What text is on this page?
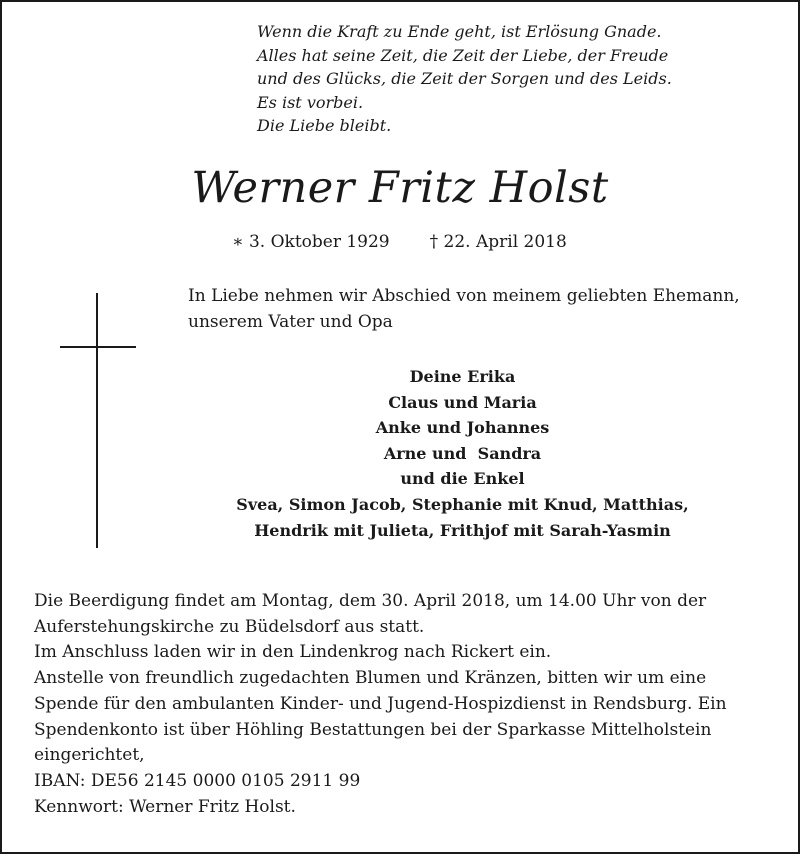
Wenn die Kraft zu Ende geht, ist Erlösung Gnade.
Alles hat seine Zeit, die Zeit der Liebe, der Freude
und des Glücks, die Zeit der Sorgen und des Leids.
Es ist vorbei.
Die Liebe bleibt.
Werner Fritz Holst
∗ 3. Oktober 1929 † 22. April 2018
In Liebe nehmen wir Abschied von meinem geliebten Ehemann,
unserem Vater und Opa
Deine Erika
Claus und Maria
Anke und Johannes
Arne und  Sandra
und die Enkel
Svea, Simon Jacob, Stephanie mit Knud, Matthias,
Hendrik mit Julieta, Frithjof mit Sarah-Yasmin
Die Beerdigung findet am Montag, dem 30. April 2018, um 14.00 Uhr von der
Auferstehungskirche zu Büdelsdorf aus statt.
Im Anschluss laden wir in den Lindenkrog nach Rickert ein.
Anstelle von freundlich zugedachten Blumen und Kränzen, bitten wir um eine
Spende für den ambulanten Kinder- und Jugend-Hospizdienst in Rendsburg. Ein
Spendenkonto ist über Höhling Bestattungen bei der Sparkasse Mittelholstein
eingerichtet,
IBAN: DE56 2145 0000 0105 2911 99
Kennwort: Werner Fritz Holst.
